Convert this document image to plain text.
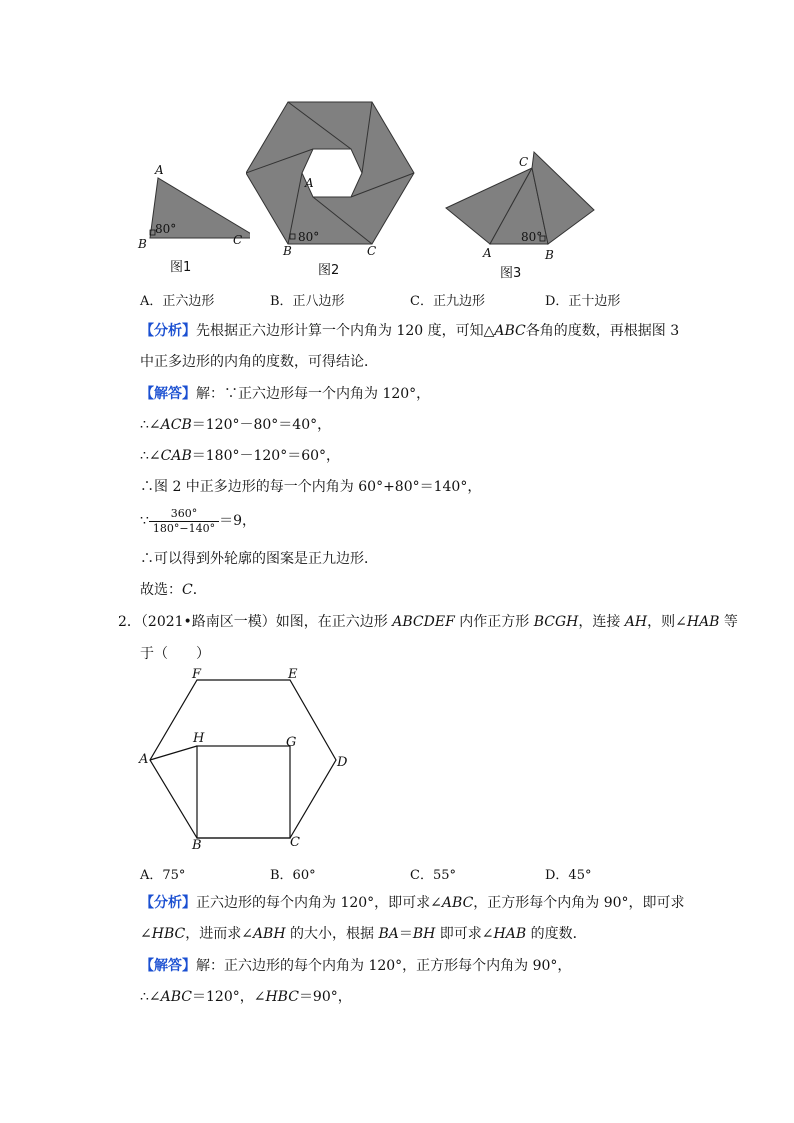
A
B	C
80°
图1
A
B	C
80°
图2
C
A	B
80°
图3
A．正六边形	B．正八边形	C．正九边形	D．正十边形
【分析】先根据正六边形计算一个内角为 120 度，可知△ABC各角的度数，再根据图 3
中正多边形的内角的度数，可得结论．
【解答】解：∵正六边形每一个内角为 120°，
∴∠ACB＝120°－80°＝40°，
∴∠CAB＝180°－120°＝60°，
∴图 2 中正多边形的每一个内角为 60°+80°＝140°，
∵ $\frac{360^\circ}{180^\circ-140^\circ} =9$，
∴可以得到外轮廓的图案是正九边形．
故选：C．
2．（2021•路南区一模）如图，在正六边形 ABCDEF 内作正方形 BCGH，连接 AH，则∠HAB 等
于（　　）
F	E
H	G
A	D
B	C
A．75°	B．60°	C．55°	D．45°
【分析】正六边形的每个内角为 120°，即可求∠ABC，正方形每个内角为 90°，即可求
∠HBC，进而求∠ABH 的大小，根据 BA＝BH 即可求∠HAB 的度数．
【解答】解：正六边形的每个内角为 120°，正方形每个内角为 90°，
∴∠ABC＝120°，∠HBC＝90°，
